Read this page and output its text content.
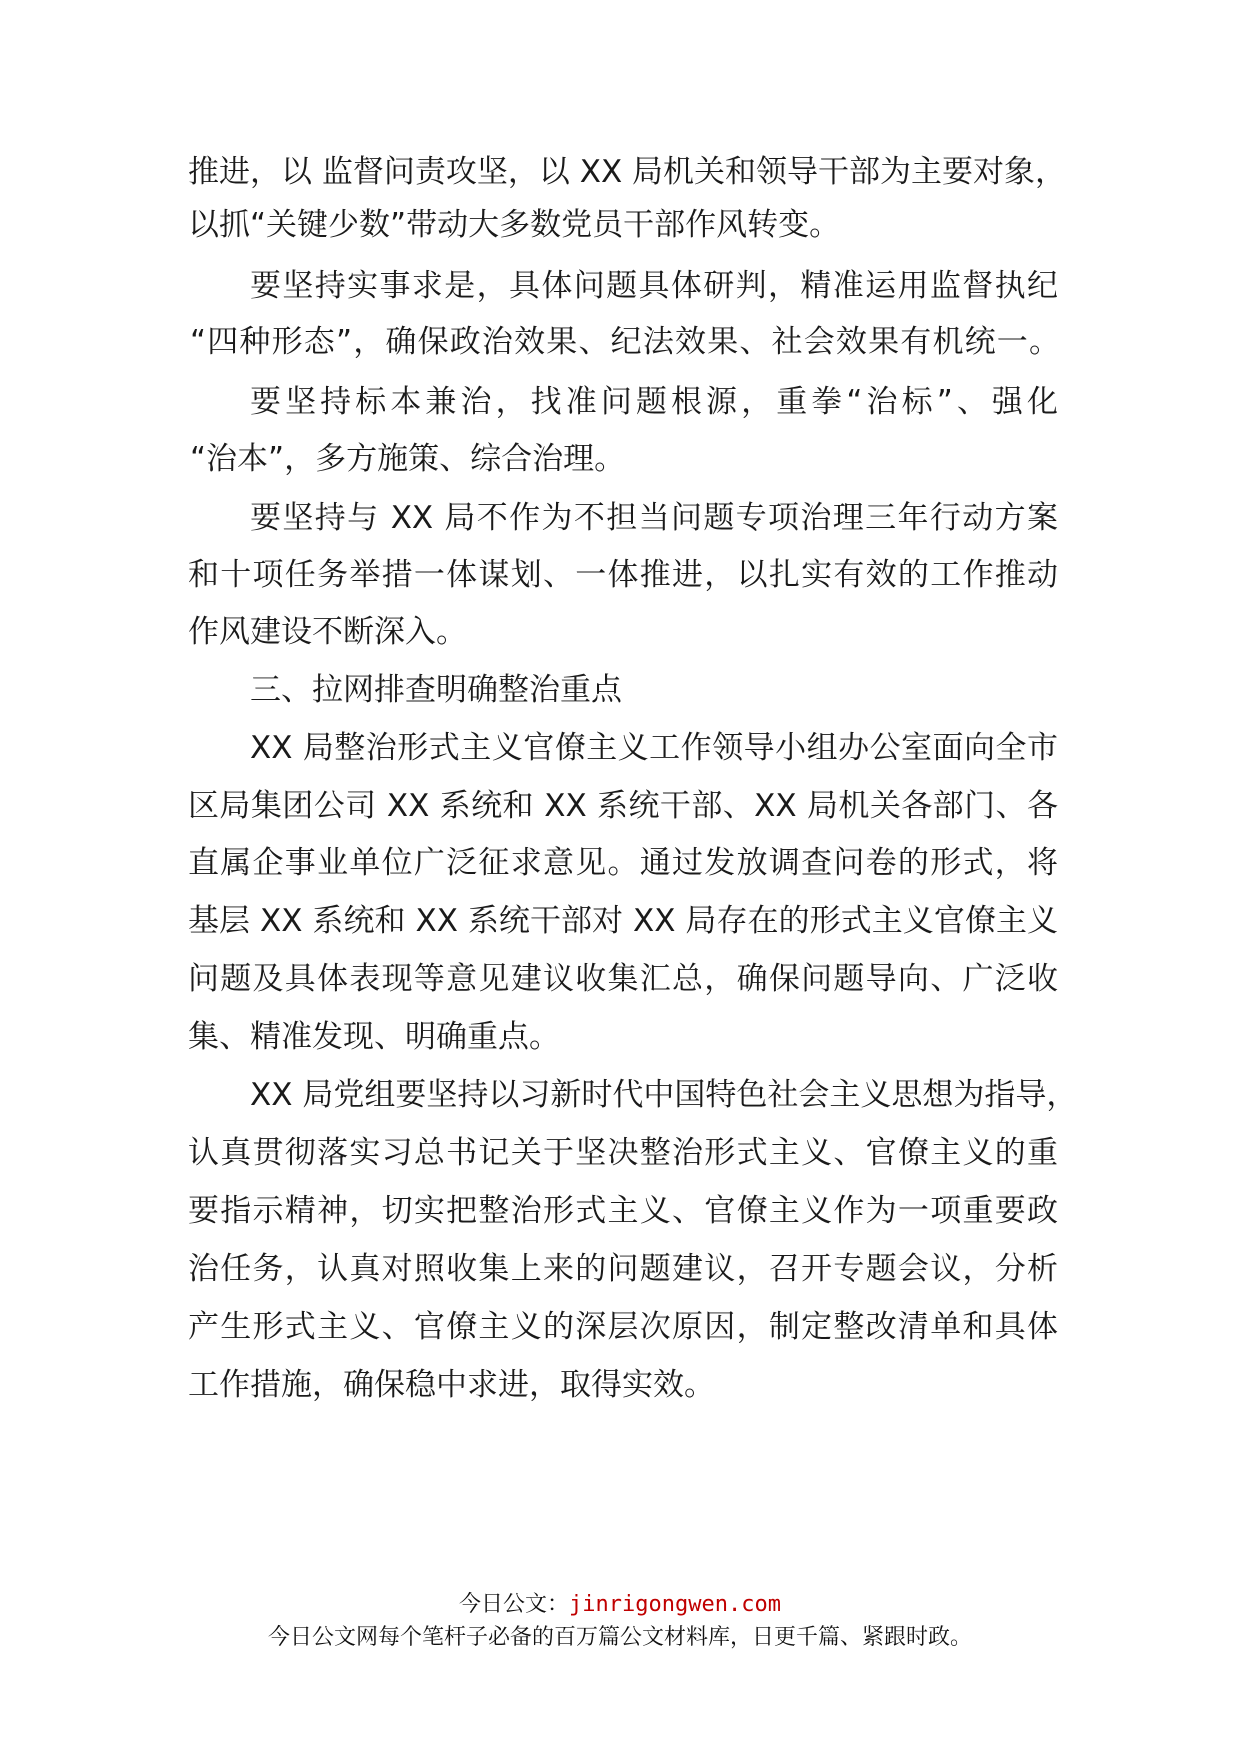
推进，以 监督问责攻坚，以 XX 局机关和领导干部为主要对象，
以抓“关键少数”带动大多数党员干部作风转变。
要坚持实事求是，具体问题具体研判，精准运用监督执纪
“四种形态”，确保政治效果、纪法效果、社会效果有机统一。
要坚持标本兼治，找准问题根源，重拳“治标”、强化
“治本”，多方施策、综合治理。
要坚持与 XX 局不作为不担当问题专项治理三年行动方案
和十项任务举措一体谋划、一体推进，以扎实有效的工作推动
作风建设不断深入。
三、拉网排查明确整治重点
XX 局整治形式主义官僚主义工作领导小组办公室面向全市
区局集团公司 XX 系统和 XX 系统干部、XX 局机关各部门、各
直属企事业单位广泛征求意见。通过发放调查问卷的形式，将
基层 XX 系统和 XX 系统干部对 XX 局存在的形式主义官僚主义
问题及具体表现等意见建议收集汇总，确保问题导向、广泛收
集、精准发现、明确重点。
XX 局党组要坚持以习新时代中国特色社会主义思想为指导，
认真贯彻落实习总书记关于坚决整治形式主义、官僚主义的重
要指示精神，切实把整治形式主义、官僚主义作为一项重要政
治任务，认真对照收集上来的问题建议，召开专题会议，分析
产生形式主义、官僚主义的深层次原因，制定整改清单和具体
工作措施，确保稳中求进，取得实效。
今日公文：jinrigongwen.com
今日公文网每个笔杆子必备的百万篇公文材料库，日更千篇、紧跟时政。
